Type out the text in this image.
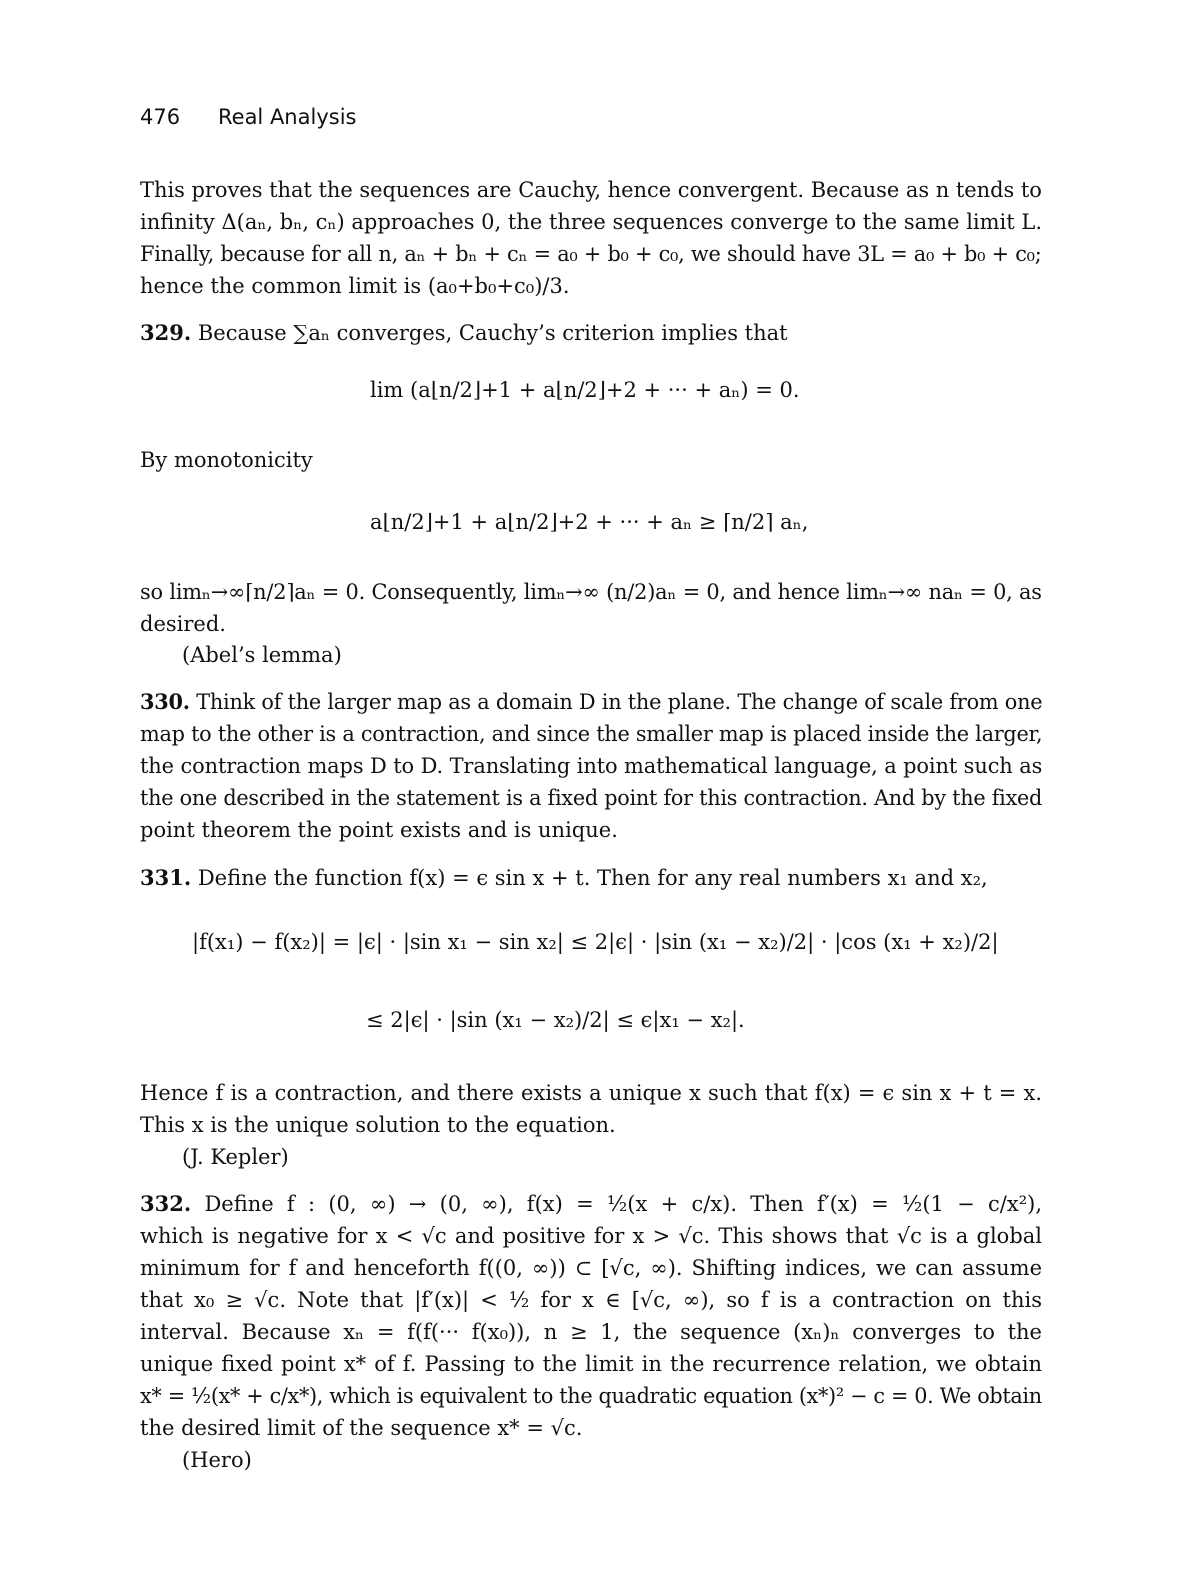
476 Real Analysis
This proves that the sequences are Cauchy, hence convergent. Because as n tends to
infinity Δ(aₙ, bₙ, cₙ) approaches 0, the three sequences converge to the same limit L.
Finally, because for all n, aₙ + bₙ + cₙ = a₀ + b₀ + c₀, we should have 3L = a₀ + b₀ + c₀;
hence the common limit is (a₀+b₀+c₀)/3.
329. Because ∑aₙ converges, Cauchy’s criterion implies that
lim (a⌊n/2⌋+1 + a⌊n/2⌋+2 + ··· + aₙ) = 0.
By monotonicity
a⌊n/2⌋+1 + a⌊n/2⌋+2 + ··· + aₙ ≥ ⌈n/2⌉ aₙ,
so limₙ→∞⌈n/2⌉aₙ = 0. Consequently, limₙ→∞ (n/2)aₙ = 0, and hence limₙ→∞ naₙ = 0, as
desired.
(Abel’s lemma)
330. Think of the larger map as a domain D in the plane. The change of scale from one
map to the other is a contraction, and since the smaller map is placed inside the larger,
the contraction maps D to D. Translating into mathematical language, a point such as
the one described in the statement is a fixed point for this contraction. And by the fixed
point theorem the point exists and is unique.
331. Define the function f(x) = ϵ sin x + t. Then for any real numbers x₁ and x₂,
|f(x₁) − f(x₂)| = |ϵ| · |sin x₁ − sin x₂| ≤ 2|ϵ| · |sin (x₁ − x₂)/2| · |cos (x₁ + x₂)/2|
≤ 2|ϵ| · |sin (x₁ − x₂)/2| ≤ ϵ|x₁ − x₂|.
Hence f is a contraction, and there exists a unique x such that f(x) = ϵ sin x + t = x.
This x is the unique solution to the equation.
(J. Kepler)
332. Define f : (0, ∞) → (0, ∞), f(x) = ½(x + c/x). Then f′(x) = ½(1 − c/x²),
which is negative for x < √c and positive for x > √c. This shows that √c is a global
minimum for f and henceforth f((0, ∞)) ⊂ [√c, ∞). Shifting indices, we can assume
that x₀ ≥ √c. Note that |f′(x)| < ½ for x ∈ [√c, ∞), so f is a contraction on this
interval. Because xₙ = f(f(··· f(x₀)), n ≥ 1, the sequence (xₙ)ₙ converges to the
unique fixed point x* of f. Passing to the limit in the recurrence relation, we obtain
x* = ½(x* + c/x*), which is equivalent to the quadratic equation (x*)² − c = 0. We obtain
the desired limit of the sequence x* = √c.
(Hero)
